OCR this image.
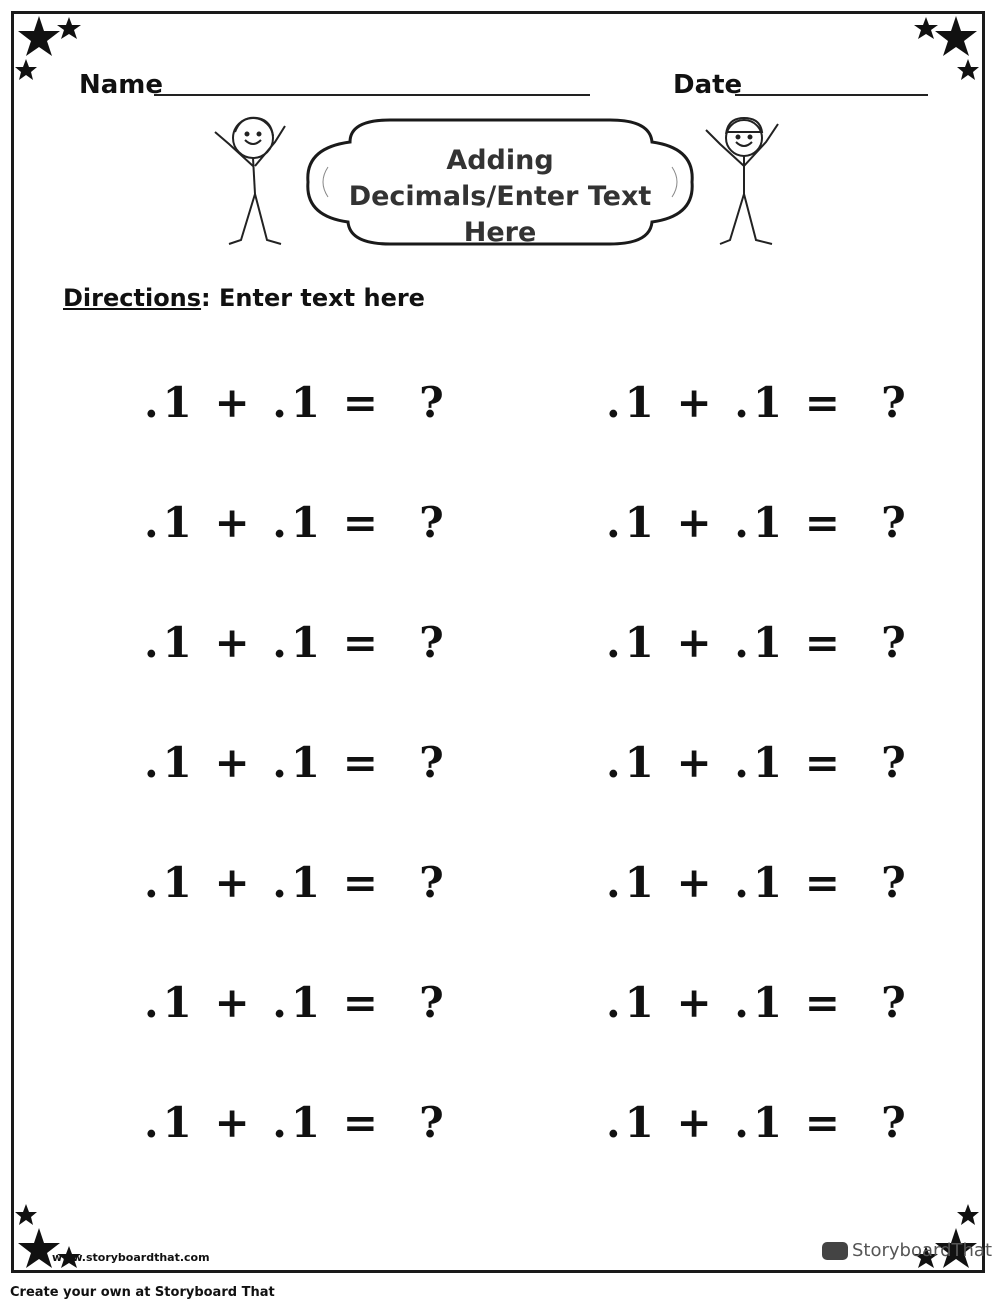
Name	Date
Adding Decimals/Enter Text Here
Directions: Enter text here
.1 + .1 =  ?
.1 + .1 =  ?
.1 + .1 =  ?
.1 + .1 =  ?
.1 + .1 =  ?
.1 + .1 =  ?
.1 + .1 =  ?
.1 + .1 =  ?
.1 + .1 =  ?
.1 + .1 =  ?
.1 + .1 =  ?
.1 + .1 =  ?
.1 + .1 =  ?
.1 + .1 =  ?
www.storyboardthat.com	StoryboardThat
Create your own at Storyboard That
